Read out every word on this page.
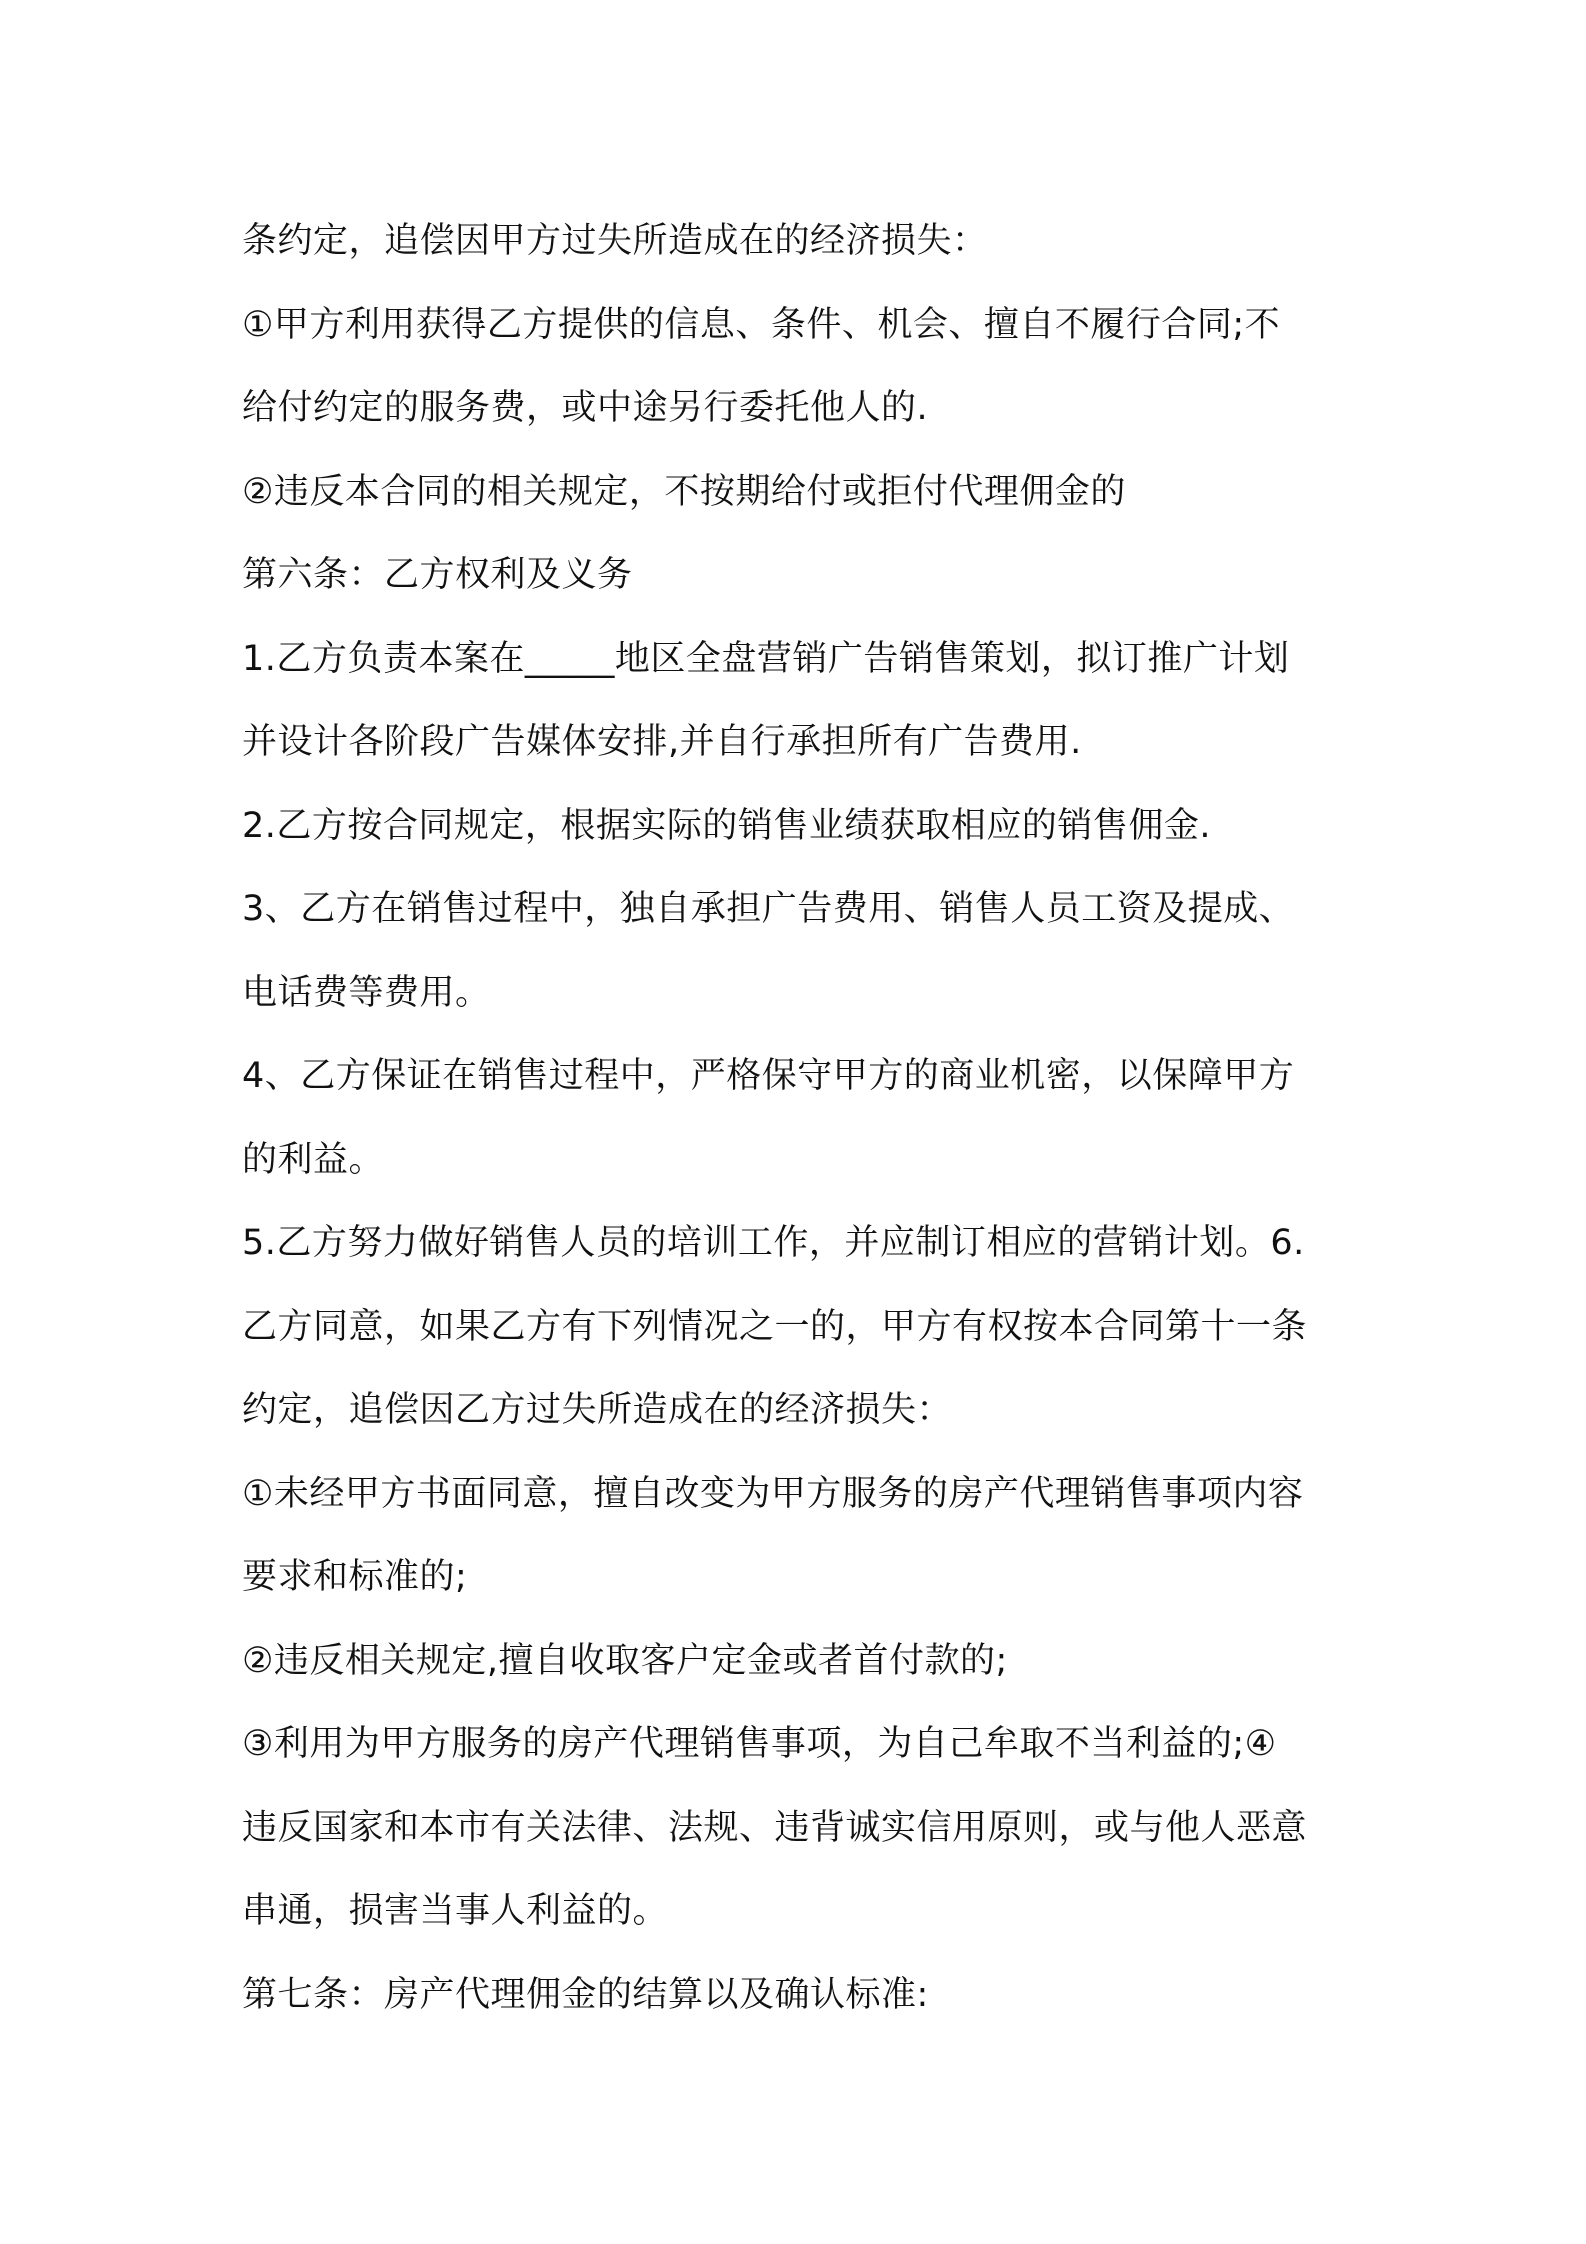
条约定，追偿因甲方过失所造成在的经济损失：
①甲方利用获得乙方提供的信息、条件、机会、擅自不履行合同;不
给付约定的服务费，或中途另行委托他人的.
②违反本合同的相关规定，不按期给付或拒付代理佣金的
第六条：乙方权利及义务
1.乙方负责本案在_____地区全盘营销广告销售策划，拟订推广计划
并设计各阶段广告媒体安排,并自行承担所有广告费用.
2.乙方按合同规定，根据实际的销售业绩获取相应的销售佣金.
3、乙方在销售过程中，独自承担广告费用、销售人员工资及提成、
电话费等费用。
4、乙方保证在销售过程中，严格保守甲方的商业机密，以保障甲方
的利益。
5.乙方努力做好销售人员的培训工作，并应制订相应的营销计划。6.
乙方同意，如果乙方有下列情况之一的，甲方有权按本合同第十一条
约定，追偿因乙方过失所造成在的经济损失：
①未经甲方书面同意，擅自改变为甲方服务的房产代理销售事项内容
要求和标准的;
②违反相关规定,擅自收取客户定金或者首付款的;
③利用为甲方服务的房产代理销售事项，为自己牟取不当利益的;④
违反国家和本市有关法律、法规、违背诚实信用原则，或与他人恶意
串通，损害当事人利益的。
第七条：房产代理佣金的结算以及确认标准:
